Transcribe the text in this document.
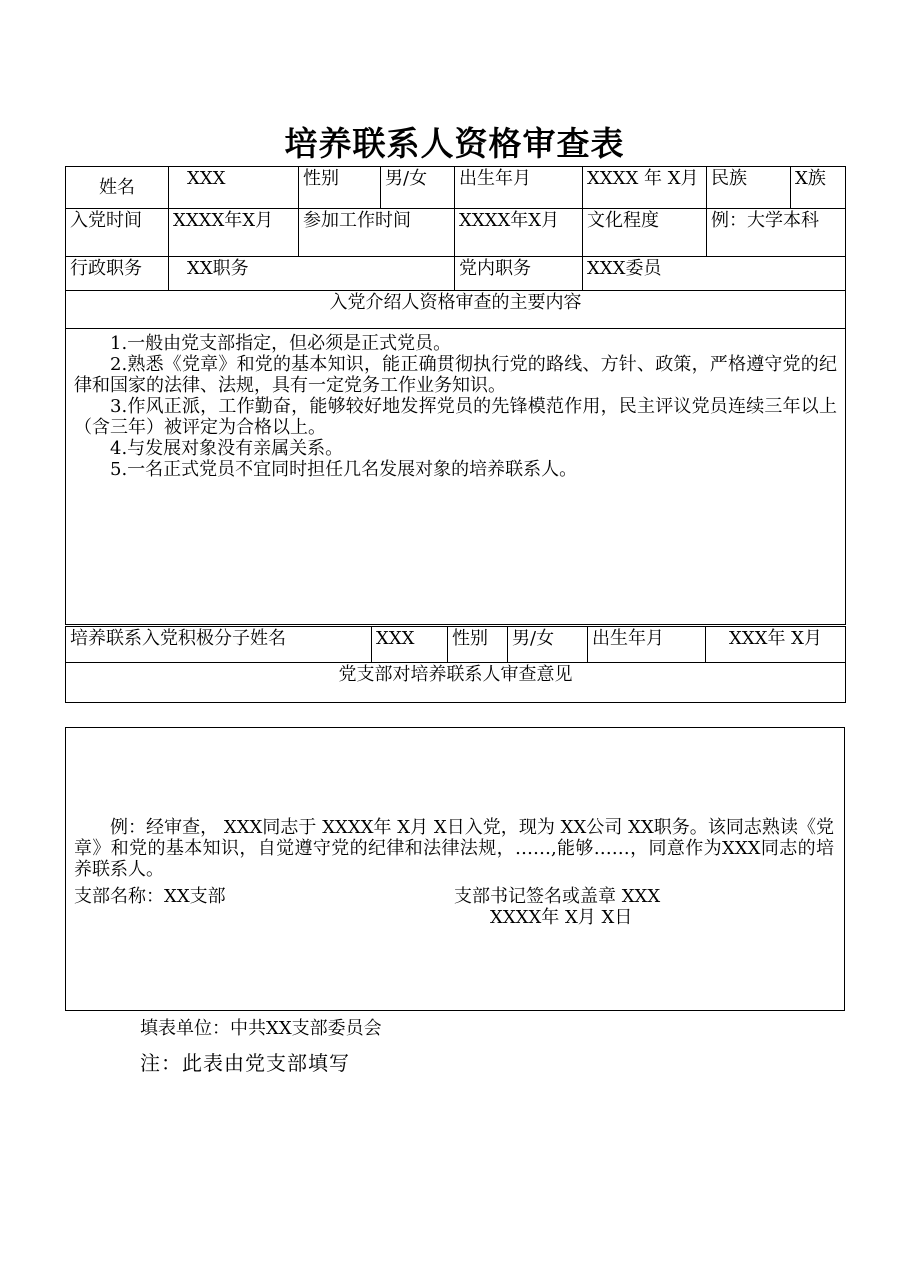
培养联系人资格审查表
姓名	XXX	性别	男/女	出生年月	XXXX 年 X月	民族	X族
入党时间	XXXX年X月	参加工作时间		XXXX年X月	文化程度	例：大学本科	
行政职务	XX职务			党内职务	XXX委员		
入党介绍人资格审查的主要内容							

1.一般由党支部指定，但必须是正式党员。

2.熟悉《党章》和党的基本知识，能正确贯彻执行党的路线、方针、政策，严格遵守党的纪律和国家的法律、法规，具有一定党务工作业务知识。

3.作风正派，工作勤奋，能够较好地发挥党员的先锋模范作用，民主评议党员连续三年以上（含三年）被评定为合格以上。

4.与发展对象没有亲属关系。

5.一名正式党员不宜同时担任几名发展对象的培养联系人。							

培养联系入党积极分子姓名	XXX	性别	男/女	出生年月	XXX年 X月
党支部对培养联系人审查意见
例：经审查， XXX同志于 XXXX年 X月 X日入党，现为 XX公司 XX职务。该同志熟读《党章》和党的基本知识，自觉遵守党的纪律和法律法规，……,能够……，同意作为XXX同志的培养联系人。
支部名称：XX支部	支部书记签名或盖章 XXX
XXXX年 X月 X日
填表单位：中共XX支部委员会
注：此表由党支部填写
